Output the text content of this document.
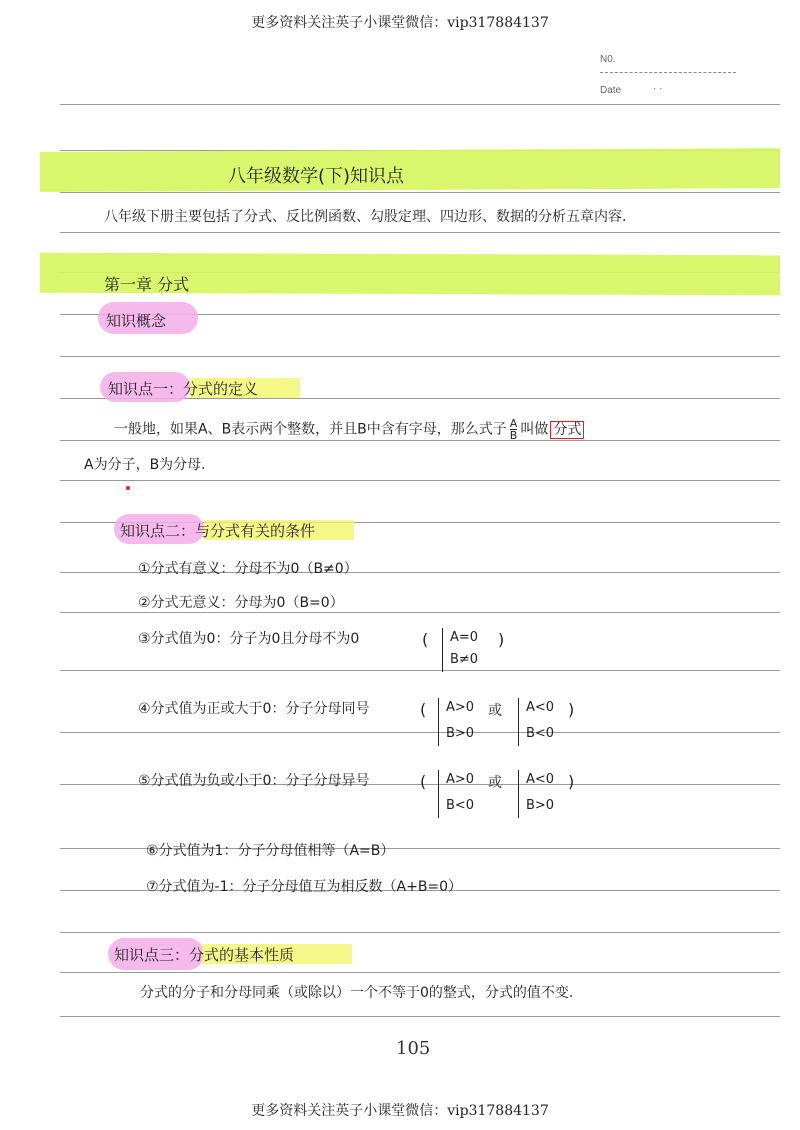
更多资料关注英子小课堂微信：vip317884137
N0.
Date	· ·
八年级数学(下)知识点
八年级下册主要包括了分式、反比例函数、勾股定理、四边形、数据的分析五章内容.
第一章 分式
知识概念
知识点一：分式的定义
一般地，如果A、B表示两个整数，并且B中含有字母，那么式子 $\frac{A}{B}$ 叫做 分式
A为分子，B为分母.
知识点二：与分式有关的条件
①分式有意义：分母不为0（B≠0）
②分式无意义：分母为0（B=0）
③分式值为0：分子为0且分母不为0	( A=0
B≠0
)
④分式值为正或大于0：分子分母同号	( A>0
B>0
或 A<0
B<0
)
⑤分式值为负或小于0：分子分母异号	( A>0
B<0
或 A<0
B>0
)
⑥分式值为1：分子分母值相等（A=B）
⑦分式值为-1：分子分母值互为相反数（A+B=0）
知识点三：分式的基本性质
分式的分子和分母同乘（或除以）一个不等于0的整式，分式的值不变.
105
更多资料关注英子小课堂微信：vip317884137
